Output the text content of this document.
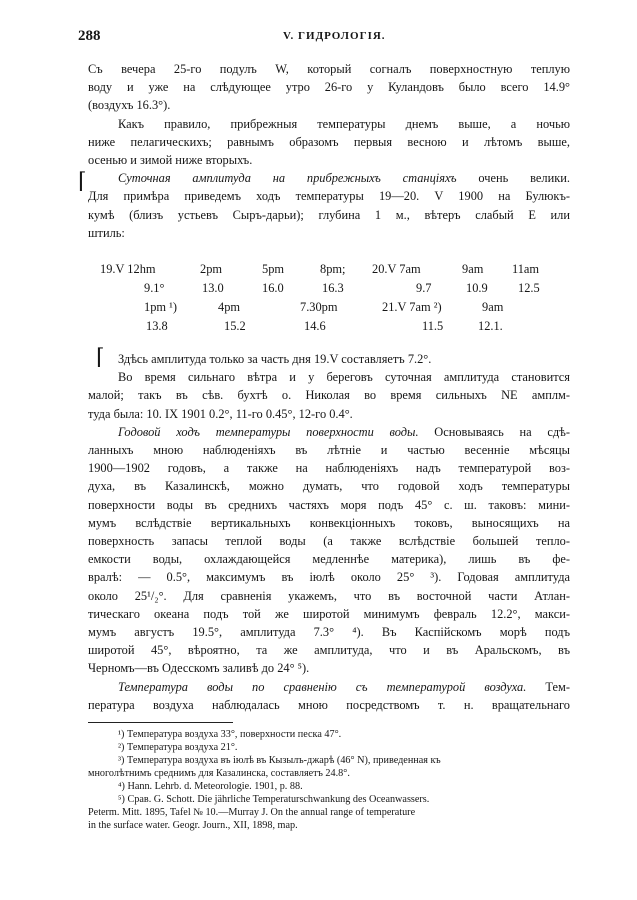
288	V. ГИДРОЛОГІЯ.
Съ вечера 25-го подулъ W, который согналъ поверхностную теплую
воду и уже на слѣдующее утро 26-го у Куландовъ было всего 14.9°
(воздухъ 16.3°).
Какъ правило, прибрежныя температуры днемъ выше, а ночью
ниже пелагическихъ; равнымъ образомъ первыя весною и лѣтомъ выше,
осенью и зимой ниже вторыхъ.
Суточная амплитуда на прибрежныхъ станціяхъ очень велики.
Для примѣра приведемъ ходъ температуры 19—20. V 1900 на Булюкъ-
кумѣ (близъ устьевъ Сыръ-дарьи); глубина 1 м., вѣтеръ слабый Е или
штиль:
⌈
19.V 12hm	2pm	5pm	8pm; 20.V 7am	9am 11am
9.1°	13.0	16.0	16.3	9.7	10.9 12.5
1pm ¹)	4pm	7.30pm	21.V 7am ²)	9am
13.8	15.2	14.6	11.5	12.1.
⌈	Здѣсь амплитуда только за часть дня 19.V составляетъ 7.2°.
Во время сильнаго вѣтра и у береговъ суточная амплитуда становится
малой; такъ въ сѣв. бухтѣ о. Николая во время сильныхъ NE амплм-
туда была: 10. IX 1901 0.2°, 11-го 0.45°, 12-го 0.4°.
Годовой ходъ температуры поверхности воды. Основываясь на сдѣ-
ланныхъ мною наблюденіяхъ въ лѣтніе и частью весенніе мѣсяцы
1900—1902 годовъ, а также на наблюденіяхъ надъ температурой воз-
духа, въ Казалинскѣ, можно думать, что годовой ходъ температуры
поверхности воды въ среднихъ частяхъ моря подъ 45° с. ш. таковъ: мини-
мумъ вслѣдствіе вертикальныхъ конвекціонныхъ токовъ, выносящихъ на
поверхность запасы теплой воды (а также вслѣдствіе большей тепло-
емкости воды, охлаждающейся медленнѣе материка), лишь въ фе-
вралѣ: — 0.5°, максимумъ въ іюлѣ около 25° ³). Годовая амплитуда
около 25¹/₂°. Для сравненія укажемъ, что въ восточной части Атлан-
тическаго океана подъ той же широтой минимумъ февраль 12.2°, макси-
мумъ августъ 19.5°, амплитуда 7.3° ⁴). Въ Каспійскомъ морѣ подъ
широтой 45°, вѣроятно, та же амплитуда, что и въ Аральскомъ, въ
Черномъ—въ Одесскомъ заливѣ до 24° ⁵).
Температура воды по сравненію съ температурой воздуха. Тем-
пература воздуха наблюдалась мною посредствомъ т. н. вращательнаго
¹) Температура воздуха 33°, поверхности песка 47°.
²) Температура воздуха 21°.
³) Температура воздуха въ іюлѣ въ Кызылъ-джарѣ (46° N), приведенная къ
многолѣтнимъ среднимъ для Казалинска, составляетъ 24.8°.
⁴) Hann. Lehrb. d. Meteorologie. 1901, p. 88.
⁵) Срав. G. Schott. Die jährliche Temperaturschwankung des Oceanwassers.
Peterm. Mitt. 1895, Tafel № 10.—Murray J. On the annual range of temperature
in the surface water. Geogr. Journ., XII, 1898, map.
